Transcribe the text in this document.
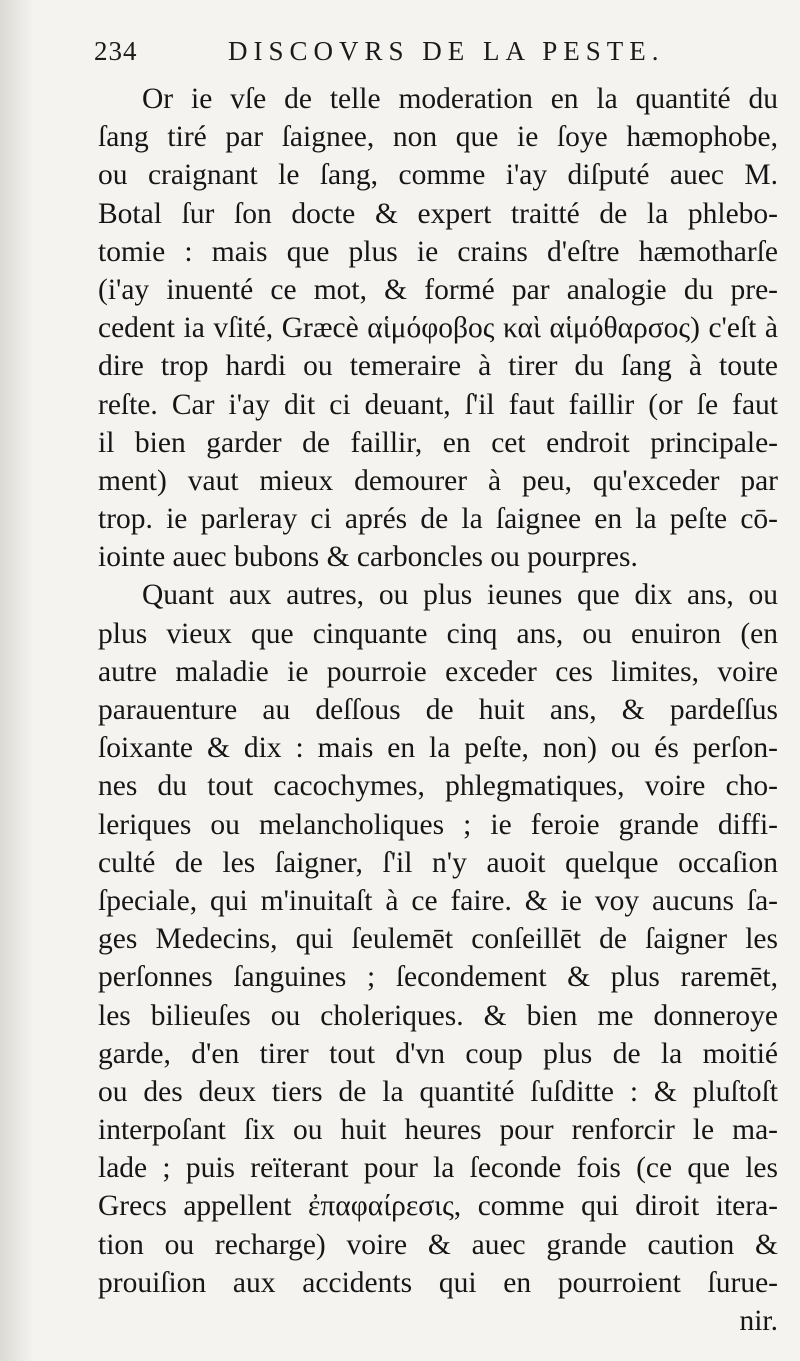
234	DISCOVRS DE LA PESTE.
Or ie vſe de telle moderation en la quantité du
ſang tiré par ſaignee, non que ie ſoye hæmophobe,
ou craignant le ſang, comme i'ay diſputé auec M.
Botal ſur ſon docte & expert traitté de la phlebo-
tomie : mais que plus ie crains d'eſtre hæmotharſe
(i'ay inuenté ce mot, & formé par analogie du pre-
cedent ia vſité, Græcè αἱμόφοβος καὶ αἱμόθαρσος) c'eſt à
dire trop hardi ou temeraire à tirer du ſang à toute
reſte. Car i'ay dit ci deuant, ſ'il faut faillir (or ſe faut
il bien garder de faillir, en cet endroit principale-
ment) vaut mieux demourer à peu, qu'exceder par
trop. ie parleray ci aprés de la ſaignee en la peſte cō-
iointe auec bubons & carboncles ou pourpres.
Quant aux autres, ou plus ieunes que dix ans, ou
plus vieux que cinquante cinq ans, ou enuiron (en
autre maladie ie pourroie exceder ces limites, voire
parauenture au deſſous de huit ans, & pardeſſus
ſoixante & dix : mais en la peſte, non) ou és perſon-
nes du tout cacochymes, phlegmatiques, voire cho-
leriques ou melancholiques ; ie feroie grande diffi-
culté de les ſaigner, ſ'il n'y auoit quelque occaſion
ſpeciale, qui m'inuitaſt à ce faire. & ie voy aucuns ſa-
ges Medecins, qui ſeulemēt conſeillēt de ſaigner les
perſonnes ſanguines ; ſecondement & plus raremēt,
les bilieuſes ou choleriques. & bien me donneroye
garde, d'en tirer tout d'vn coup plus de la moitié
ou des deux tiers de la quantité ſuſditte : & pluſtoſt
interpoſant ſix ou huit heures pour renforcir le ma-
lade ; puis reïterant pour la ſeconde fois (ce que les
Grecs appellent ἐπαφαίρεσις, comme qui diroit itera-
tion ou recharge) voire & auec grande caution &
prouiſion aux accidents qui en pourroient ſurue-
nir.
